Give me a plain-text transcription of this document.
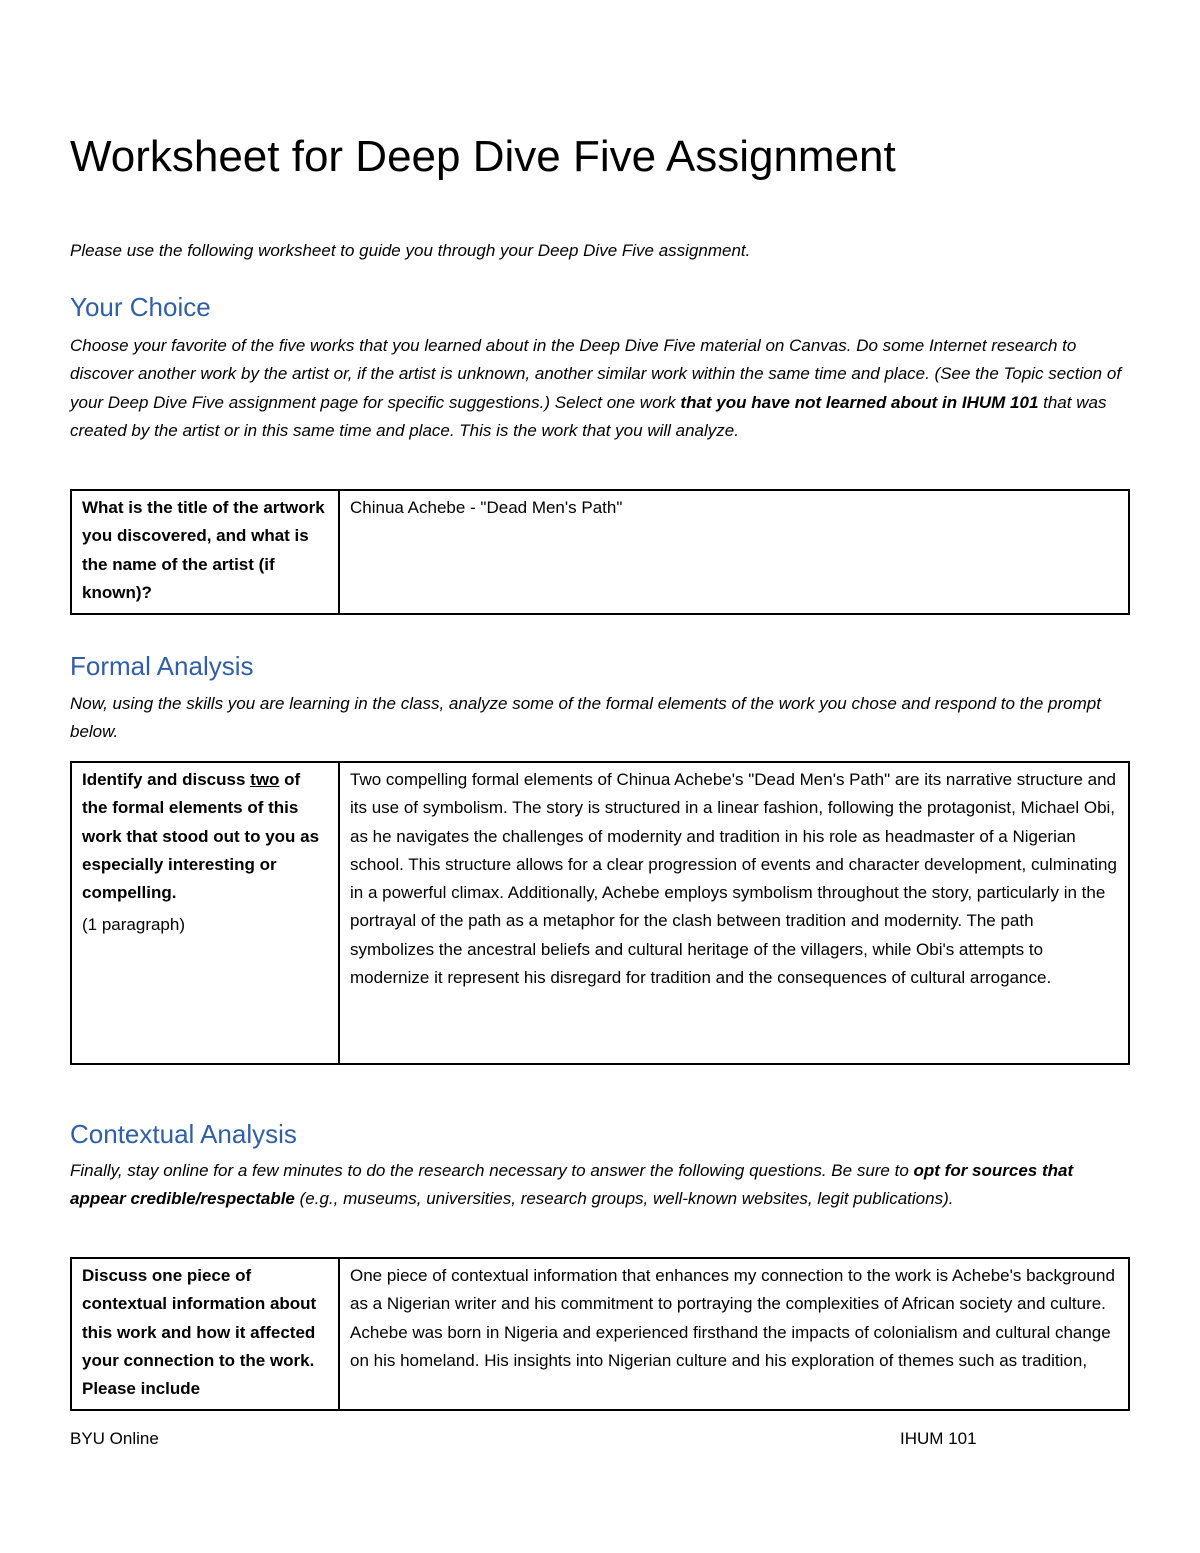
Worksheet for Deep Dive Five Assignment

Please use the following worksheet to guide you through your Deep Dive Five assignment.

Your Choice

Choose your favorite of the five works that you learned about in the Deep Dive Five material on Canvas. Do some Internet research to discover another work by the artist or, if the artist is unknown, another similar work within the same time and place. (See the Topic section of your Deep Dive Five assignment page for specific suggestions.) Select one work that you have not learned about in IHUM 101 that was created by the artist or in this same time and place. This is the work that you will analyze.

What is the title of the artwork you discovered, and what is the name of the artist (if known)?	Chinua Achebe - "Dead Men's Path"
Formal Analysis

Now, using the skills you are learning in the class, analyze some of the formal elements of the work you chose and respond to the prompt below.

Identify and discuss two of the formal elements of this work that stood out to you as especially interesting or compelling.
(1 paragraph)
	Two compelling formal elements of Chinua Achebe's "Dead Men's Path" are its narrative structure and its use of symbolism. The story is structured in a linear fashion, following the protagonist, Michael Obi, as he navigates the challenges of modernity and tradition in his role as headmaster of a Nigerian school. This structure allows for a clear progression of events and character development, culminating in a powerful climax. Additionally, Achebe employs symbolism throughout the story, particularly in the portrayal of the path as a metaphor for the clash between tradition and modernity. The path symbolizes the ancestral beliefs and cultural heritage of the villagers, while Obi's attempts to modernize it represent his disregard for tradition and the consequences of cultural arrogance.
Contextual Analysis

Finally, stay online for a few minutes to do the research necessary to answer the following questions. Be sure to opt for sources that appear credible/respectable (e.g., museums, universities, research groups, well-known websites, legit publications).

Discuss one piece of contextual information about this work and how it affected your connection to the work. Please include	One piece of contextual information that enhances my connection to the work is Achebe's background as a Nigerian writer and his commitment to portraying the complexities of African society and culture. Achebe was born in Nigeria and experienced firsthand the impacts of colonialism and cultural change on his homeland. His insights into Nigerian culture and his exploration of themes such as tradition,
BYU Online	IHUM 101
